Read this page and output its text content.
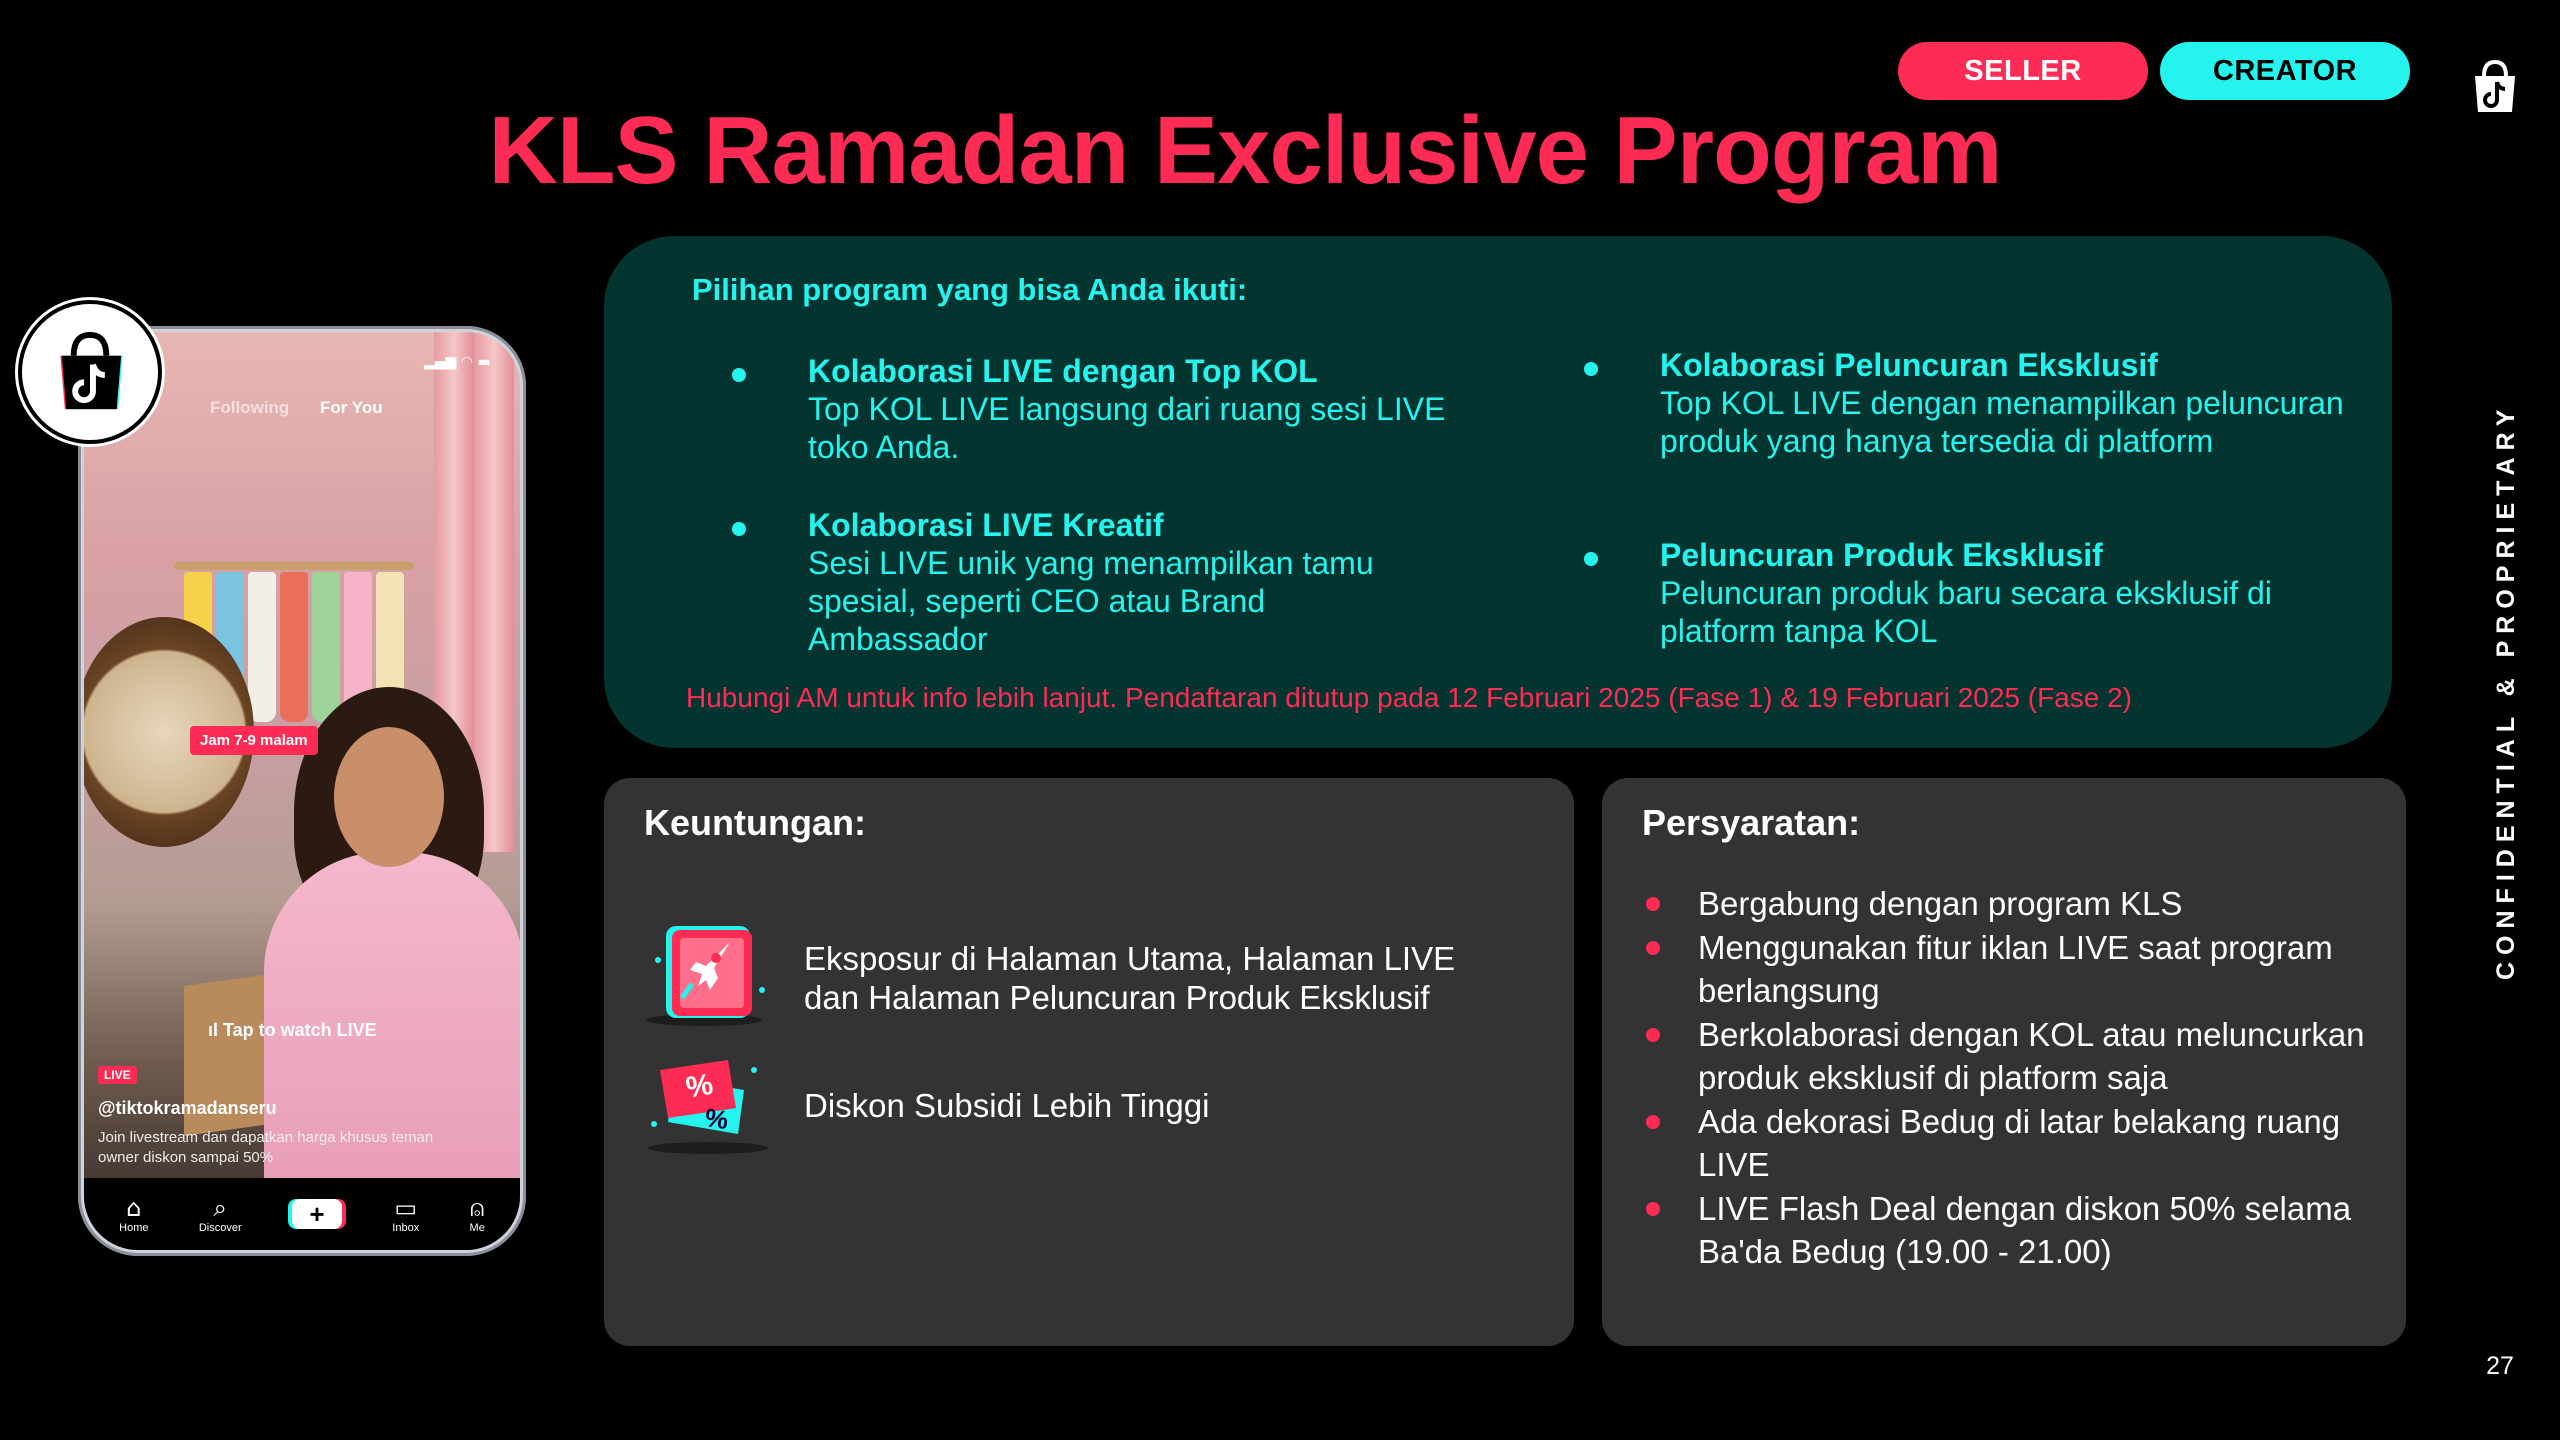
SELLER	CREATOR
KLS Ramadan Exclusive Program
CONFIDENTIAL & PROPRIETARY
27
▂▄▆ ◠ ▬
Following For You
Jam 7-9 malam
ıl Tap to watch LIVE
LIVE
@tiktokramadanseru
Join livestream dan dapatkan harga khusus teman owner diskon sampai 50%
⌂
Home
⌕
Discover	+	▭
Inbox
⍝
Me
Pilihan program yang bisa Anda ikuti:
Kolaborasi LIVE dengan Top KOL
Top KOL LIVE langsung dari ruang sesi LIVE toko Anda.
Kolaborasi LIVE Kreatif
Sesi LIVE unik yang menampilkan tamu spesial, seperti CEO atau Brand Ambassador
Kolaborasi Peluncuran Eksklusif
Top KOL LIVE dengan menampilkan peluncuran produk yang hanya tersedia di platform
Peluncuran Produk Eksklusif
Peluncuran produk baru secara eksklusif di platform tanpa KOL
Hubungi AM untuk info lebih lanjut. Pendaftaran ditutup pada 12 Februari 2025 (Fase 1) & 19 Februari 2025 (Fase 2)
Keuntungan:
Eksposur di Halaman Utama, Halaman LIVE dan Halaman Peluncuran Produk Eksklusif
%
% Diskon Subsidi Lebih Tinggi
Persyaratan:
Bergabung dengan program KLS
Menggunakan fitur iklan LIVE saat program berlangsung
Berkolaborasi dengan KOL atau meluncurkan produk eksklusif di platform saja
Ada dekorasi Bedug di latar belakang ruang LIVE
LIVE Flash Deal dengan diskon 50% selama Ba'da Bedug (19.00 - 21.00)
